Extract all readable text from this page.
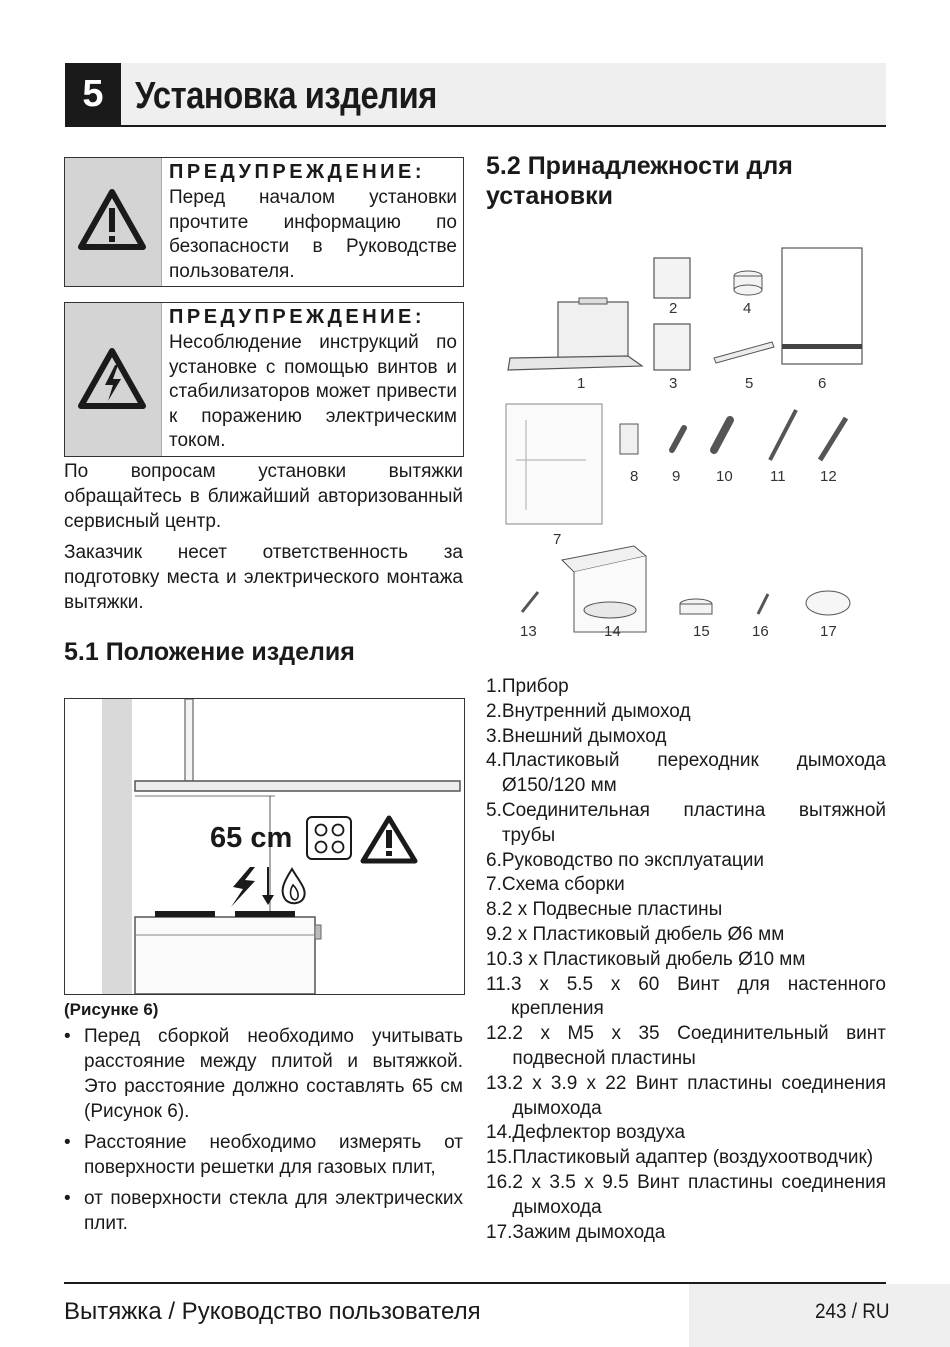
5 Установка изделия
ПРЕДУПРЕЖДЕНИЕ:
Перед началом установки прочтите информацию по безопасности в Руководстве пользователя.
ПРЕДУПРЕЖДЕНИЕ:
Несоблюдение инструкций по установке с помощью винтов и стабилизаторов может привести к поражению электрическим током.
По вопросам установки вытяжки обращайтесь в ближайший авторизованный сервисный центр.
Заказчик несет ответственность за подготовку места и электрического монтажа вытяжки.
5.1 Положение изделия
65 cm
(Рисунке 6)
• Перед сборкой необходимо учитывать расстояние между плитой и вытяжкой. Это расстояние должно составлять 65 см (Рисунок 6).
• Расстояние необходимо измерять от поверхности решетки для газовых плит,
• от поверхности стекла для электрических плит.
5.2 Принадлежности для установки
1
2
3
4
5	6
7
8 9 10 11 12
13	14	15	16	17
1. Прибор
2. Внутренний дымоход
3. Внешний дымоход
4. Пластиковый переходник дымохода Ø150/120 мм
5. Соединительная пластина вытяжной трубы
6. Руководство по эксплуатации
7. Схема сборки
8. 2 x Подвесные пластины
9. 2 x Пластиковый дюбель Ø6 мм
10. 3 x Пластиковый дюбель Ø10 мм
11. 3 x 5.5 x 60 Винт для настенного крепления
12. 2 x M5 x 35 Соединительный винт подвесной пластины
13. 2 x 3.9 x 22 Винт пластины соединения дымохода
14. Дефлектор воздуха
15. Пластиковый адаптер (воздухоотводчик)
16. 2 x 3.5 x 9.5 Винт пластины соединения дымохода
17. Зажим дымохода
Вытяжка / Руководство пользователя	243 / RU
